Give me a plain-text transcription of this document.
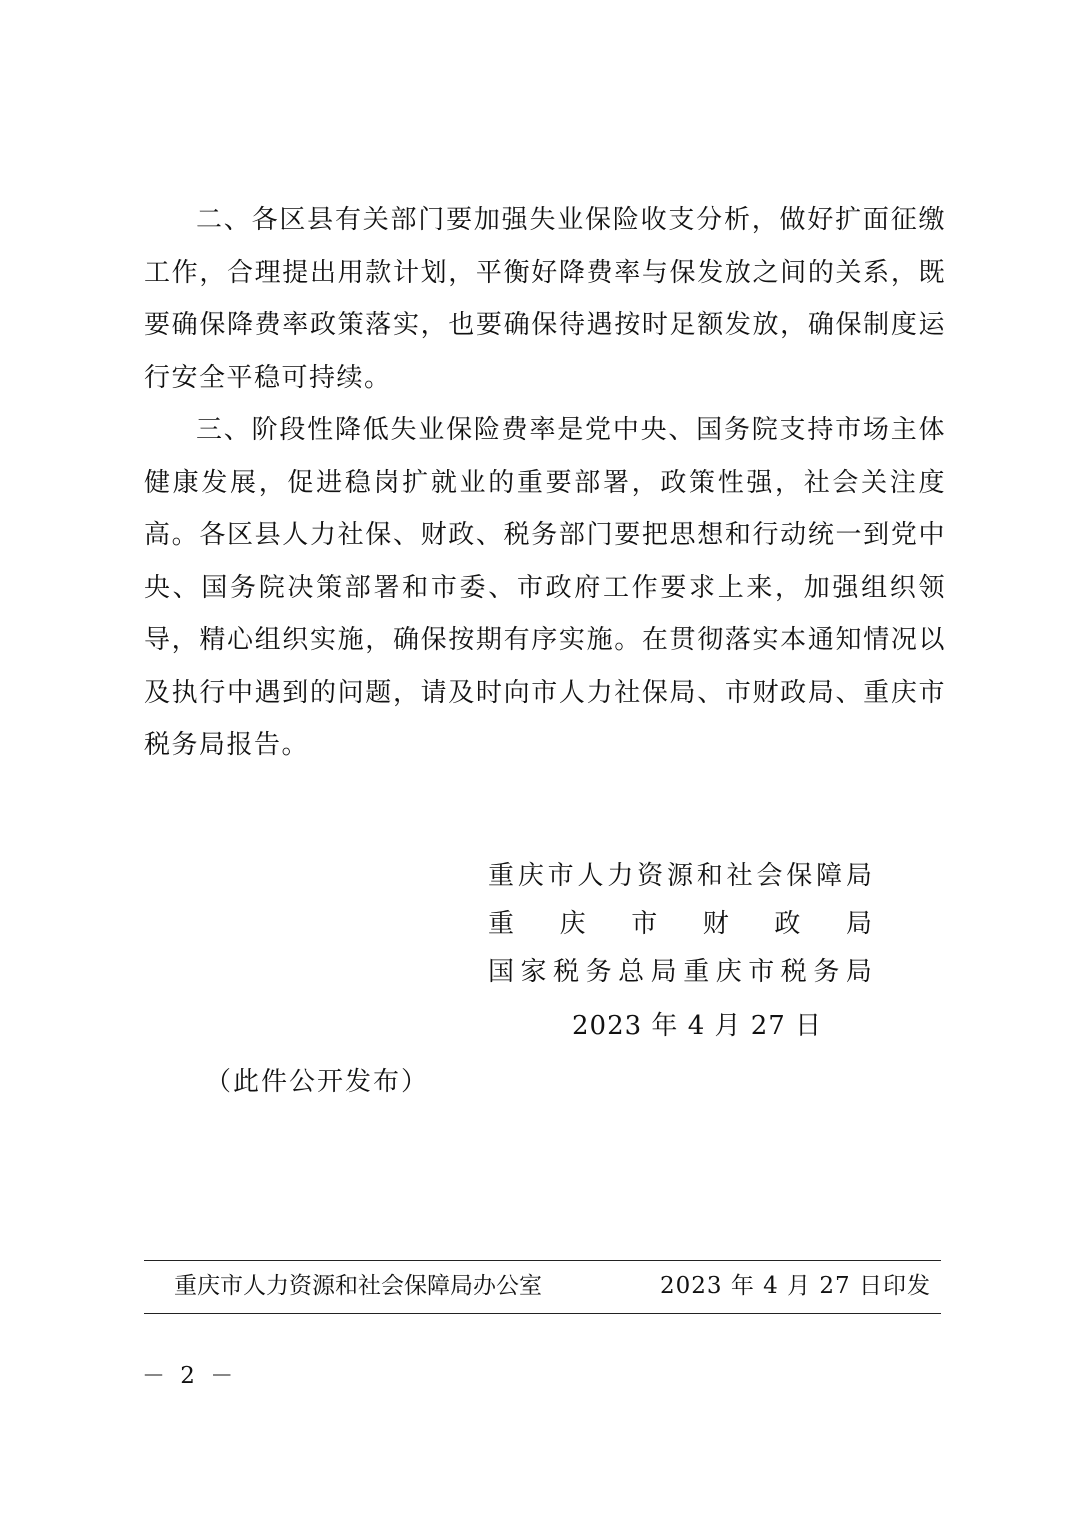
二、各区县有关部门要加强失业保险收支分析，做好扩面征缴工作，合理提出用款计划，平衡好降费率与保发放之间的关系，既要确保降费率政策落实，也要确保待遇按时足额发放，确保制度运行安全平稳可持续。

三、阶段性降低失业保险费率是党中央、国务院支持市场主体健康发展，促进稳岗扩就业的重要部署，政策性强，社会关注度高。各区县人力社保、财政、税务部门要把思想和行动统一到党中央、国务院决策部署和市委、市政府工作要求上来，加强组织领导，精心组织实施，确保按期有序实施。在贯彻落实本通知情况以及执行中遇到的问题，请及时向市人力社保局、市财政局、重庆市税务局报告。

重 庆 市 人 力 资 源 和 社 会 保 障 局
重 庆 市 财 政 局
国 家 税 务 总 局 重 庆 市 税 务 局
2023 年 4 月 27 日
（此件公开发布）
重庆市人力资源和社会保障局办公室	2023 年 4 月 27 日印发
－ 2 －
